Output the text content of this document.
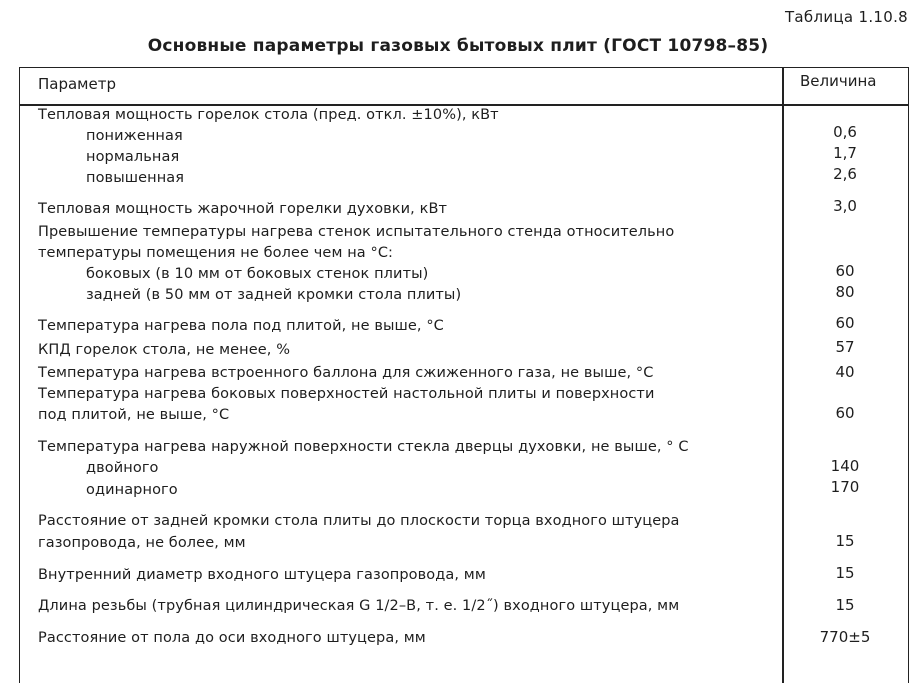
Таблица 1.10.8
Основные параметры газовых бытовых плит (ГОСТ 10798–85)
Параметр	Величина
Тепловая мощность горелок стола (пред. откл. ±10%), кВт
пониженная
нормальная
повышенная
Тепловая мощность жарочной горелки духовки, кВт
Превышение температуры нагрева стенок испытательного стенда относительно
температуры помещения не более чем на °С:
боковых (в 10 мм от боковых стенок плиты)
задней (в 50 мм от задней кромки стола плиты)
Температура нагрева пола под плитой, не выше, °С
КПД горелок стола, не менее, %
Температура нагрева встроенного баллона для сжиженного газа, не выше, °С
Температура нагрева боковых поверхностей настольной плиты и поверхности
под плитой, не выше, °С
Температура нагрева наружной поверхности стекла дверцы духовки, не выше, ° С
двойного
одинарного
Расстояние от задней кромки стола плиты до плоскости торца входного штуцера
газопровода, не более, мм
Внутренний диаметр входного штуцера газопровода, мм
Длина резьбы (трубная цилиндрическая G 1/2–В, т. е. 1/2˝) входного штуцера, мм
Расстояние от пола до оси входного штуцера, мм
0,6
1,7
2,6
3,0
60
80
60
57
40
60
140
170
15
15
15
770±5
